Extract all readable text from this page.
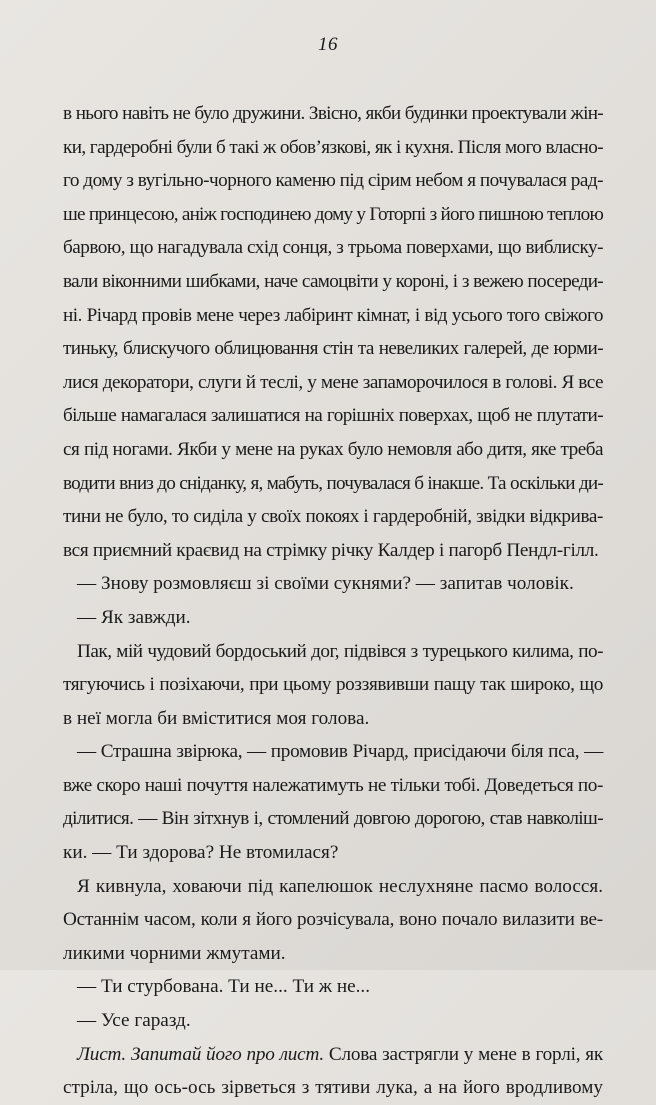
16
в нього навіть не було дружини. Звісно, якби будинки проектували жін-
ки, гардеробні були б такі ж обов’язкові, як і кухня. Після мого власно-
го дому з вугільно-чорного каменю під сірим небом я почувалася рад-
ше принцесою, аніж господинею дому у Готорпі з його пишною теплою
барвою, що нагадувала схід сонця, з трьома поверхами, що виблиску-
вали віконними шибками, наче самоцвіти у короні, і з вежею посереди-
ні. Річард провів мене через лабіринт кімнат, і від усього того свіжого
тиньку, блискучого облицювання стін та невеликих галерей, де юрми-
лися декоратори, слуги й теслі, у мене запаморочилося в голові. Я все
більше намагалася залишатися на горішніх поверхах, щоб не плутати-
ся під ногами. Якби у мене на руках було немовля або дитя, яке треба
водити вниз до сніданку, я, мабуть, почувалася б інакше. Та оскільки ди-
тини не було, то сиділа у своїх покоях і гардеробній, звідки відкрива-
вся приємний краєвид на стрімку річку Калдер і пагорб Пендл-гілл.
— Знову розмовляєш зі своїми сукнями? — запитав чоловік.
— Як завжди.
Пак, мій чудовий бордоський дог, підвівся з турецького килима, по-
тягуючись і позіхаючи, при цьому роззявивши пащу так широко, що
в неї могла би вміститися моя голова.
— Страшна звірюка, — промовив Річард, присідаючи біля пса, —
вже скоро наші почуття належатимуть не тільки тобі. Доведеться по-
ділитися. — Він зітхнув і, стомлений довгою дорогою, став навколіш-
ки. — Ти здорова? Не втомилася?
Я кивнула, ховаючи під капелюшок неслухняне пасмо волосся.
Останнім часом, коли я його розчісувала, воно почало вилазити ве-
ликими чорними жмутами.
— Ти стурбована. Ти не... Ти ж не...
— Усе гаразд.
Лист. Запитай його про лист. Слова застрягли у мене в горлі, як
стріла, що ось-ось зірветься з тятиви лука, а на його вродливому
